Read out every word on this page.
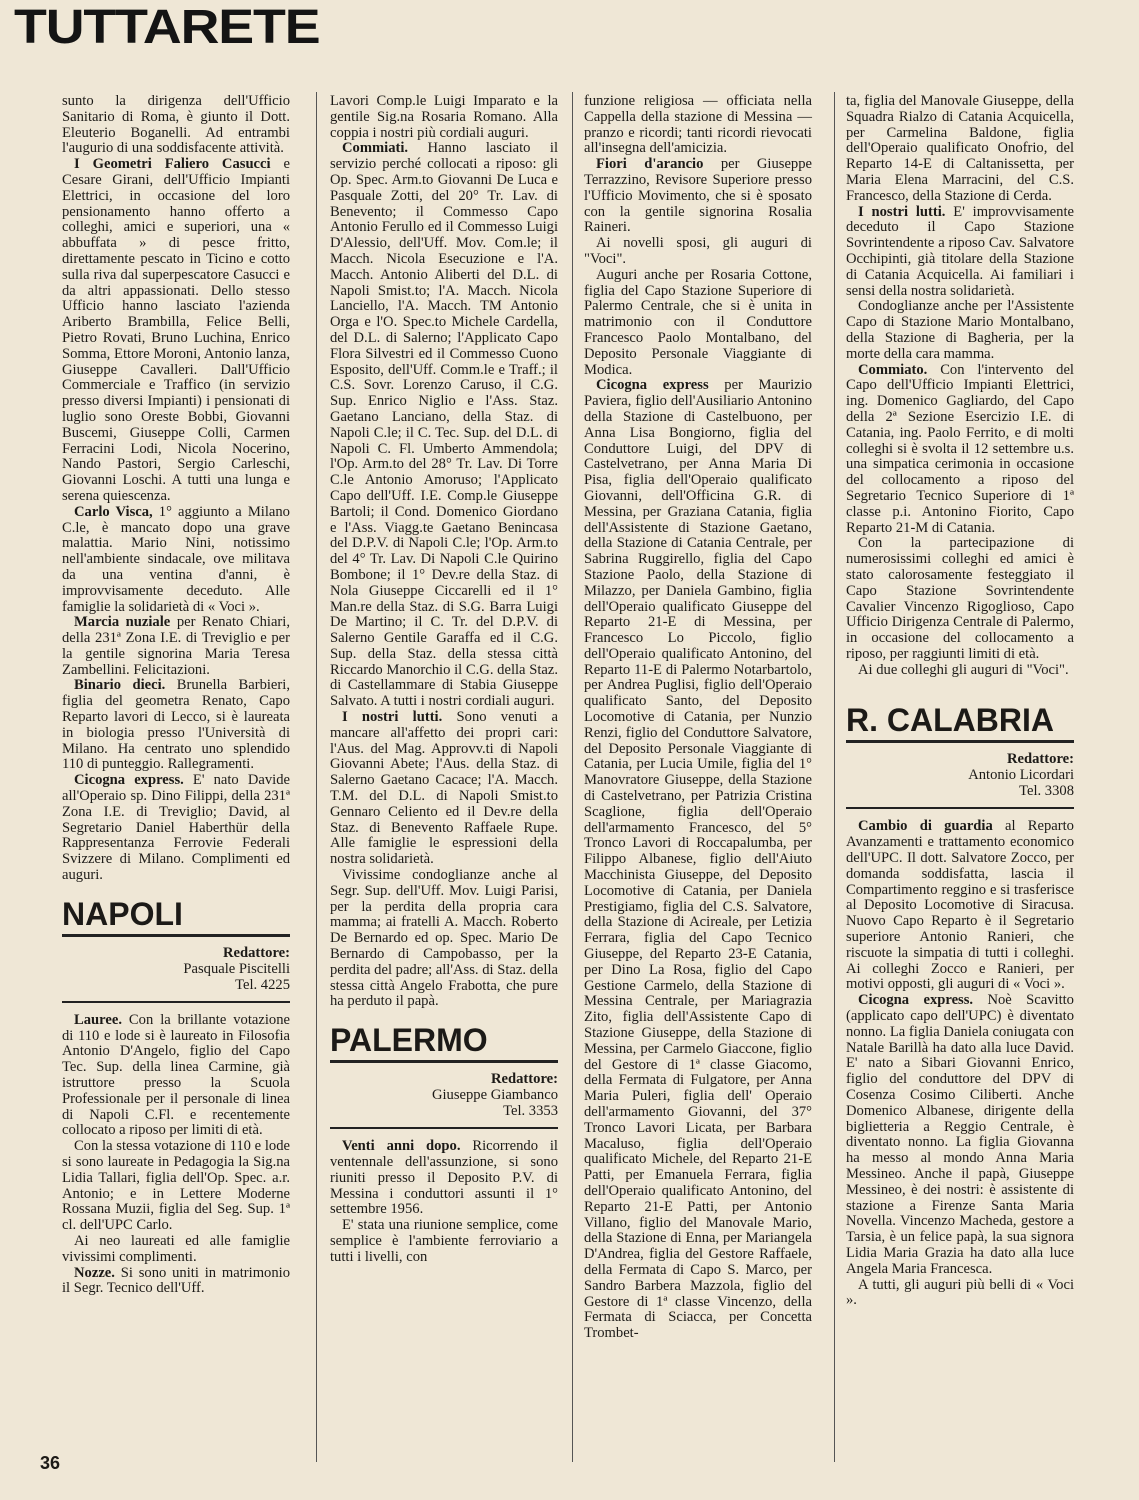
TUTTARETE

sunto la dirigenza dell'Ufficio Sanitario di Roma, è giunto il Dott. Eleuterio Boganelli. Ad entrambi l'augurio di una soddisfacente attività.

I Geometri Faliero Casucci e Cesare Girani, dell'Ufficio Impianti Elettrici, in occasione del loro pensionamento hanno offerto a colleghi, amici e superiori, una « abbuffata » di pesce fritto, direttamente pescato in Ticino e cotto sulla riva dal superpescatore Casucci e da altri appassionati. Dello stesso Ufficio hanno lasciato l'azienda Ariberto Brambilla, Felice Belli, Pietro Rovati, Bruno Luchina, Enrico Somma, Ettore Moroni, Antonio lanza, Giuseppe Cavalleri. Dall'Ufficio Commerciale e Traffico (in servizio presso diversi Impianti) i pensionati di luglio sono Oreste Bobbi, Giovanni Buscemi, Giuseppe Colli, Carmen Ferracini Lodi, Nicola Nocerino, Nando Pastori, Sergio Carleschi, Giovanni Loschi. A tutti una lunga e serena quiescenza.

Carlo Visca, 1° aggiunto a Milano C.le, è mancato dopo una grave malattia. Mario Nini, notissimo nell'ambiente sindacale, ove militava da una ventina d'anni, è improvvisamente deceduto. Alle famiglie la solidarietà di « Voci ».

Marcia nuziale per Renato Chiari, della 231ª Zona I.E. di Treviglio e per la gentile signorina Maria Teresa Zambellini. Felicitazioni.

Binario dieci. Brunella Barbieri, figlia del geometra Renato, Capo Reparto lavori di Lecco, si è laureata in biologia presso l'Università di Milano. Ha centrato uno splendido 110 di punteggio. Rallegramenti.

Cicogna express. E' nato Davide all'Operaio sp. Dino Filippi, della 231ª Zona I.E. di Treviglio; David, al Segretario Daniel Haberthür della Rappresentanza Ferrovie Federali Svizzere di Milano. Complimenti ed auguri.

NAPOLI
Redattore:
Pasquale Piscitelli
Tel. 4225

Lauree. Con la brillante votazione di 110 e lode si è laureato in Filosofia Antonio D'Angelo, figlio del Capo Tec. Sup. della linea Carmine, già istruttore presso la Scuola Professionale per il personale di linea di Napoli C.Fl. e recentemente collocato a riposo per limiti di età.

Con la stessa votazione di 110 e lode si sono laureate in Pedagogia la Sig.na Lidia Tallari, figlia dell'Op. Spec. a.r. Antonio; e in Lettere Moderne Rossana Muzii, figlia del Seg. Sup. 1ª cl. dell'UPC Carlo.

Ai neo laureati ed alle famiglie vivissimi complimenti.

Nozze. Si sono uniti in matrimonio il Segr. Tecnico dell'Uff.

Lavori Comp.le Luigi Imparato e la gentile Sig.na Rosaria Romano. Alla coppia i nostri più cordiali auguri.

Commiati. Hanno lasciato il servizio perché collocati a riposo: gli Op. Spec. Arm.to Giovanni De Luca e Pasquale Zotti, del 20° Tr. Lav. di Benevento; il Commesso Capo Antonio Ferullo ed il Commesso Luigi D'Alessio, dell'Uff. Mov. Com.le; il Macch. Nicola Esecuzione e l'A. Macch. Antonio Aliberti del D.L. di Napoli Smist.to; l'A. Macch. Nicola Lanciello, l'A. Macch. TM Antonio Orga e l'O. Spec.to Michele Cardella, del D.L. di Salerno; l'Applicato Capo Flora Silvestri ed il Commesso Cuono Esposito, dell'Uff. Comm.le e Traff.; il C.S. Sovr. Lorenzo Caruso, il C.G. Sup. Enrico Niglio e l'Ass. Staz. Gaetano Lanciano, della Staz. di Napoli C.le; il C. Tec. Sup. del D.L. di Napoli C. Fl. Umberto Ammendola; l'Op. Arm.to del 28° Tr. Lav. Di Torre C.le Antonio Amoruso; l'Applicato Capo dell'Uff. I.E. Comp.le Giuseppe Bartoli; il Cond. Domenico Giordano e l'Ass. Viagg.te Gaetano Benincasa del D.P.V. di Napoli C.le; l'Op. Arm.to del 4° Tr. Lav. Di Napoli C.le Quirino Bombone; il 1° Dev.re della Staz. di Nola Giuseppe Ciccarelli ed il 1° Man.re della Staz. di S.G. Barra Luigi De Martino; il C. Tr. del D.P.V. di Salerno Gentile Garaffa ed il C.G. Sup. della Staz. della stessa città Riccardo Manorchio il C.G. della Staz. di Castellammare di Stabia Giuseppe Salvato. A tutti i nostri cordiali auguri.

I nostri lutti. Sono venuti a mancare all'affetto dei propri cari: l'Aus. del Mag. Approvv.ti di Napoli Giovanni Abete; l'Aus. della Staz. di Salerno Gaetano Cacace; l'A. Macch. T.M. del D.L. di Napoli Smist.to Gennaro Celiento ed il Dev.re della Staz. di Benevento Raffaele Rupe. Alle famiglie le espressioni della nostra solidarietà.

Vivissime condoglianze anche al Segr. Sup. dell'Uff. Mov. Luigi Parisi, per la perdita della propria cara mamma; ai fratelli A. Macch. Roberto De Bernardo ed op. Spec. Mario De Bernardo di Campobasso, per la perdita del padre; all'Ass. di Staz. della stessa città Angelo Frabotta, che pure ha perduto il papà.

PALERMO
Redattore:
Giuseppe Giambanco
Tel. 3353

Venti anni dopo. Ricorrendo il ventennale dell'assunzione, si sono riuniti presso il Deposito P.V. di Messina i conduttori assunti il 1° settembre 1956.

E' stata una riunione semplice, come semplice è l'ambiente ferroviario a tutti i livelli, con

funzione religiosa — officiata nella Cappella della stazione di Messina — pranzo e ricordi; tanti ricordi rievocati all'insegna dell'amicizia.

Fiori d'arancio per Giuseppe Terrazzino, Revisore Superiore presso l'Ufficio Movimento, che si è sposato con la gentile signorina Rosalia Raineri.

Ai novelli sposi, gli auguri di "Voci".

Auguri anche per Rosaria Cottone, figlia del Capo Stazione Superiore di Palermo Centrale, che si è unita in matrimonio con il Conduttore Francesco Paolo Montalbano, del Deposito Personale Viaggiante di Modica.

Cicogna express per Maurizio Paviera, figlio dell'Ausiliario Antonino della Stazione di Castelbuono, per Anna Lisa Bongiorno, figlia del Conduttore Luigi, del DPV di Castelvetrano, per Anna Maria Di Pisa, figlia dell'Operaio qualificato Giovanni, dell'Officina G.R. di Messina, per Graziana Catania, figlia dell'Assistente di Stazione Gaetano, della Stazione di Catania Centrale, per Sabrina Ruggirello, figlia del Capo Stazione Paolo, della Stazione di Milazzo, per Daniela Gambino, figlia dell'Operaio qualificato Giuseppe del Reparto 21-E di Messina, per Francesco Lo Piccolo, figlio dell'Operaio qualificato Antonino, del Reparto 11-E di Palermo Notarbartolo, per Andrea Puglisi, figlio dell'Operaio qualificato Santo, del Deposito Locomotive di Catania, per Nunzio Renzi, figlio del Conduttore Salvatore, del Deposito Personale Viaggiante di Catania, per Lucia Umile, figlia del 1° Manovratore Giuseppe, della Stazione di Castelvetrano, per Patrizia Cristina Scaglione, figlia dell'Operaio dell'armamento Francesco, del 5° Tronco Lavori di Roccapalumba, per Filippo Albanese, figlio dell'Aiuto Macchinista Giuseppe, del Deposito Locomotive di Catania, per Daniela Prestigiamo, figlia del C.S. Salvatore, della Stazione di Acireale, per Letizia Ferrara, figlia del Capo Tecnico Giuseppe, del Reparto 23-E Catania, per Dino La Rosa, figlio del Capo Gestione Carmelo, della Stazione di Messina Centrale, per Mariagrazia Zito, figlia dell'Assistente Capo di Stazione Giuseppe, della Stazione di Messina, per Carmelo Giaccone, figlio del Gestore di 1ª classe Giacomo, della Fermata di Fulgatore, per Anna Maria Puleri, figlia dell' Operaio dell'armamento Giovanni, del 37° Tronco Lavori Licata, per Barbara Macaluso, figlia dell'Operaio qualificato Michele, del Reparto 21-E Patti, per Emanuela Ferrara, figlia dell'Operaio qualificato Antonino, del Reparto 21-E Patti, per Antonio Villano, figlio del Manovale Mario, della Stazione di Enna, per Mariangela D'Andrea, figlia del Gestore Raffaele, della Fermata di Capo S. Marco, per Sandro Barbera Mazzola, figlio del Gestore di 1ª classe Vincenzo, della Fermata di Sciacca, per Concetta Trombet-

ta, figlia del Manovale Giuseppe, della Squadra Rialzo di Catania Acquicella, per Carmelina Baldone, figlia dell'Operaio qualificato Onofrio, del Reparto 14-E di Caltanissetta, per Maria Elena Marracini, del C.S. Francesco, della Stazione di Cerda.

I nostri lutti. E' improvvisamente deceduto il Capo Stazione Sovrintendente a riposo Cav. Salvatore Occhipinti, già titolare della Stazione di Catania Acquicella. Ai familiari i sensi della nostra solidarietà.

Condoglianze anche per l'Assistente Capo di Stazione Mario Montalbano, della Stazione di Bagheria, per la morte della cara mamma.

Commiato. Con l'intervento del Capo dell'Ufficio Impianti Elettrici, ing. Domenico Gagliardo, del Capo della 2ª Sezione Esercizio I.E. di Catania, ing. Paolo Ferrito, e di molti colleghi si è svolta il 12 settembre u.s. una simpatica cerimonia in occasione del collocamento a riposo del Segretario Tecnico Superiore di 1ª classe p.i. Antonino Fiorito, Capo Reparto 21-M di Catania.

Con la partecipazione di numerosissimi colleghi ed amici è stato calorosamente festeggiato il Capo Stazione Sovrintendente Cavalier Vincenzo Rigoglioso, Capo Ufficio Dirigenza Centrale di Palermo, in occasione del collocamento a riposo, per raggiunti limiti di età.

Ai due colleghi gli auguri di "Voci".

R. CALABRIA
Redattore:
Antonio Licordari
Tel. 3308

Cambio di guardia al Reparto Avanzamenti e trattamento economico dell'UPC. Il dott. Salvatore Zocco, per domanda soddisfatta, lascia il Compartimento reggino e si trasferisce al Deposito Locomotive di Siracusa. Nuovo Capo Reparto è il Segretario superiore Antonio Ranieri, che riscuote la simpatia di tutti i colleghi. Ai colleghi Zocco e Ranieri, per motivi opposti, gli auguri di « Voci ».

Cicogna express. Noè Scavitto (applicato capo dell'UPC) è diventato nonno. La figlia Daniela coniugata con Natale Barillà ha dato alla luce David. E' nato a Sibari Giovanni Enrico, figlio del conduttore del DPV di Cosenza Cosimo Ciliberti. Anche Domenico Albanese, dirigente della biglietteria a Reggio Centrale, è diventato nonno. La figlia Giovanna ha messo al mondo Anna Maria Messineo. Anche il papà, Giuseppe Messineo, è dei nostri: è assistente di stazione a Firenze Santa Maria Novella. Vincenzo Macheda, gestore a Tarsia, è un felice papà, la sua signora Lidia Maria Grazia ha dato alla luce Angela Maria Francesca.

A tutti, gli auguri più belli di « Voci ».

36
